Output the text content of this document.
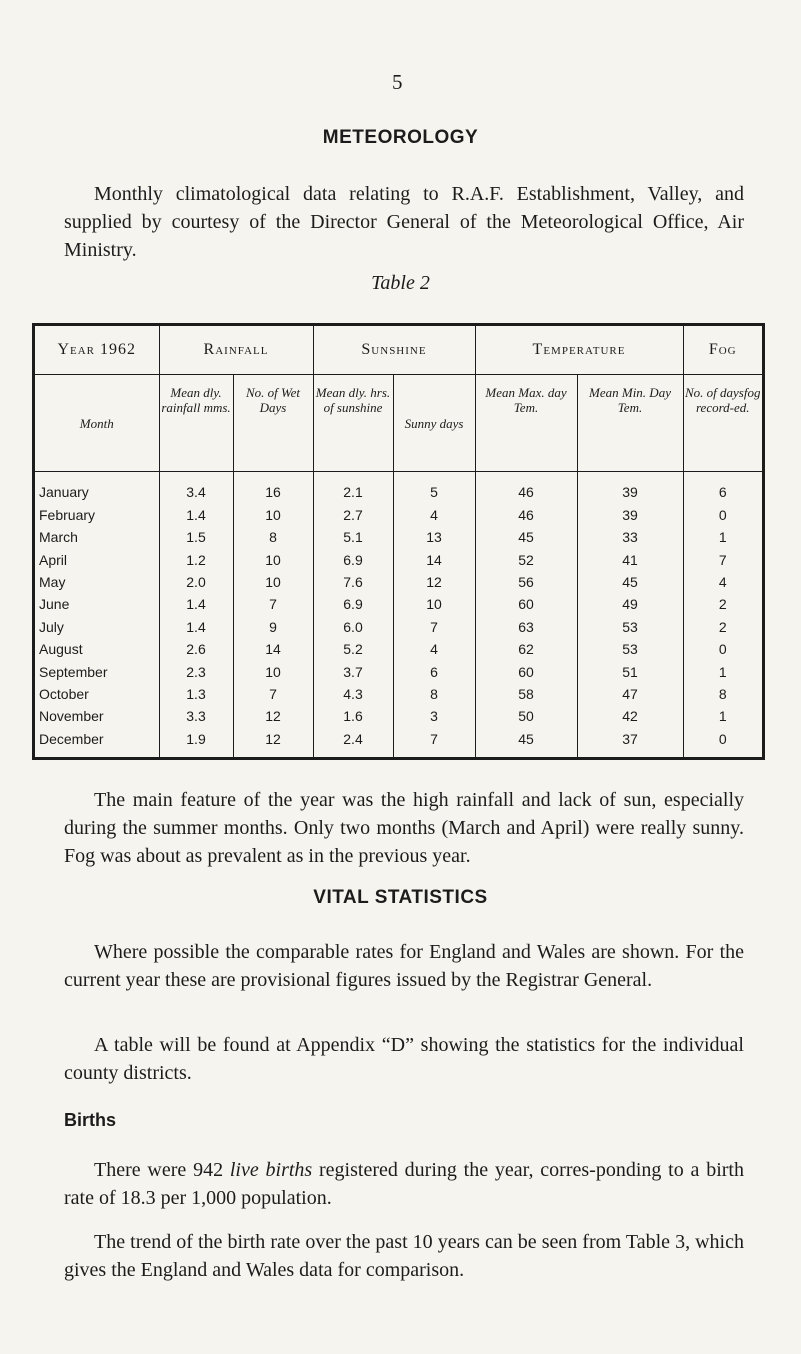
5
METEOROLOGY
Monthly climatological data relating to R.A.F. Establishment, Valley, and supplied by courtesy of the Director General of the Meteorological Office, Air Ministry.
Table 2
Year 1962	Rainfall		Sunshine		Temperature		Fog
Month	Mean dly. rainfall mms.	No. of Wet Days	Mean dly. hrs. of sunshine	Sunny days	Mean Max. day Tem.	Mean Min. Day Tem.	No. of daysfog record-ed.
January	3.4	16	2.1	5	46	39	6
February	1.4	10	2.7	4	46	39	0
March	1.5	8	5.1	13	45	33	1
April	1.2	10	6.9	14	52	41	7
May	2.0	10	7.6	12	56	45	4
June	1.4	7	6.9	10	60	49	2
July	1.4	9	6.0	7	63	53	2
August	2.6	14	5.2	4	62	53	0
September	2.3	10	3.7	6	60	51	1
October	1.3	7	4.3	8	58	47	8
November	3.3	12	1.6	3	50	42	1
December	1.9	12	2.4	7	45	37	0
The main feature of the year was the high rainfall and lack of sun, especially during the summer months. Only two months (March and April) were really sunny. Fog was about as prevalent as in the previous year.
VITAL STATISTICS
Where possible the comparable rates for England and Wales are shown. For the current year these are provisional figures issued by the Registrar General.
A table will be found at Appendix “D” showing the statistics for the individual county districts.
Births
There were 942 live births registered during the year, corres-ponding to a birth rate of 18.3 per 1,000 population.
The trend of the birth rate over the past 10 years can be seen from Table 3, which gives the England and Wales data for comparison.
